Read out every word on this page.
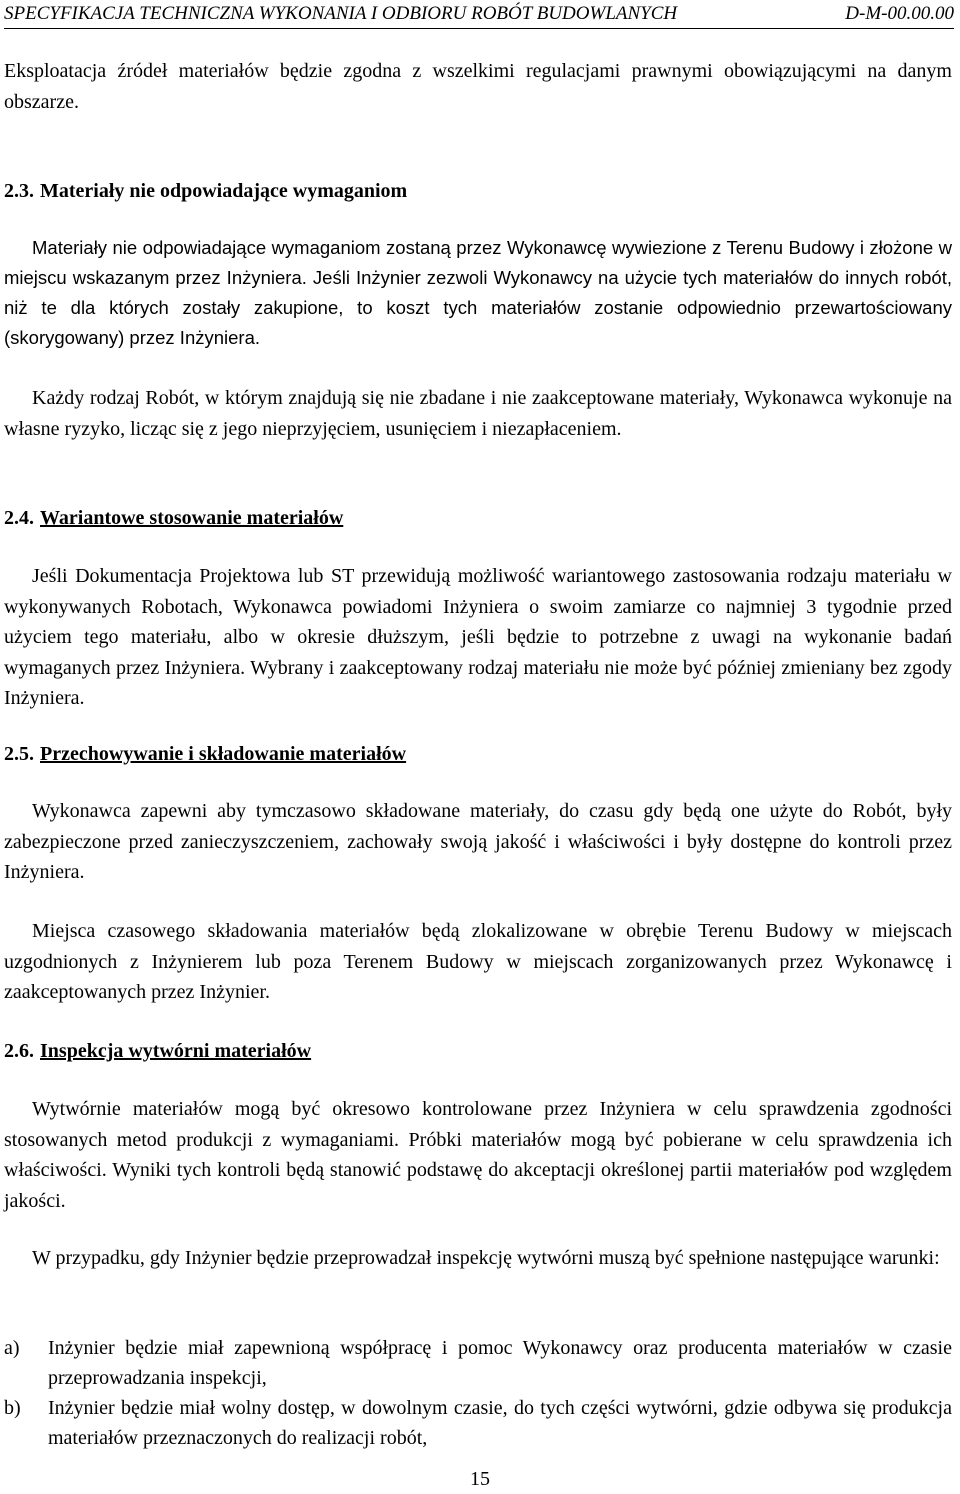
SPECYFIKACJA TECHNICZNA WYKONANIA I ODBIORU ROBÓT BUDOWLANYCH	D-M-00.00.00
Eksploatacja źródeł materiałów będzie zgodna z wszelkimi regulacjami prawnymi obowiązującymi na danym obszarze.
2.3. Materiały nie odpowiadające wymaganiom
Materiały nie odpowiadające wymaganiom zostaną przez Wykonawcę wywiezione z Terenu Budowy i złożone w miejscu wskazanym przez Inżyniera. Jeśli Inżynier zezwoli Wykonawcy na użycie tych materiałów do innych robót, niż te dla których zostały zakupione, to koszt tych materiałów zostanie odpowiednio przewartościowany (skorygowany) przez Inżyniera.
Każdy rodzaj Robót, w którym znajdują się nie zbadane i nie zaakceptowane materiały, Wykonawca wykonuje na własne ryzyko, licząc się z jego nieprzyjęciem, usunięciem i niezapłaceniem.
2.4. Wariantowe stosowanie materiałów
Jeśli Dokumentacja Projektowa lub ST przewidują możliwość wariantowego zastosowania rodzaju materiału w wykonywanych Robotach, Wykonawca powiadomi Inżyniera o swoim zamiarze co najmniej 3 tygodnie przed użyciem tego materiału, albo w okresie dłuższym, jeśli będzie to potrzebne z uwagi na wykonanie badań wymaganych przez Inżyniera. Wybrany i zaakceptowany rodzaj materiału nie może być później zmieniany bez zgody Inżyniera.
2.5. Przechowywanie i składowanie materiałów
Wykonawca zapewni aby tymczasowo składowane materiały, do czasu gdy będą one użyte do Robót, były zabezpieczone przed zanieczyszczeniem, zachowały swoją jakość i właściwości i były dostępne do kontroli przez Inżyniera.
Miejsca czasowego składowania materiałów będą zlokalizowane w obrębie Terenu Budowy w miejscach uzgodnionych z Inżynierem lub poza Terenem Budowy w miejscach zorganizowanych przez Wykonawcę i zaakceptowanych przez Inżynier.
2.6. Inspekcja wytwórni materiałów
Wytwórnie materiałów mogą być okresowo kontrolowane przez Inżyniera w celu sprawdzenia zgodności stosowanych metod produkcji z wymaganiami. Próbki materiałów mogą być pobierane w celu sprawdzenia ich właściwości. Wyniki tych kontroli będą stanowić podstawę do akceptacji określonej partii materiałów pod względem jakości.
W przypadku, gdy Inżynier będzie przeprowadzał inspekcję wytwórni muszą być spełnione następujące warunki:
a) Inżynier będzie miał zapewnioną współpracę i pomoc Wykonawcy oraz producenta materiałów w czasie przeprowadzania inspekcji,
b) Inżynier będzie miał wolny dostęp, w dowolnym czasie, do tych części wytwórni, gdzie odbywa się produkcja materiałów przeznaczonych do realizacji robót,
15
